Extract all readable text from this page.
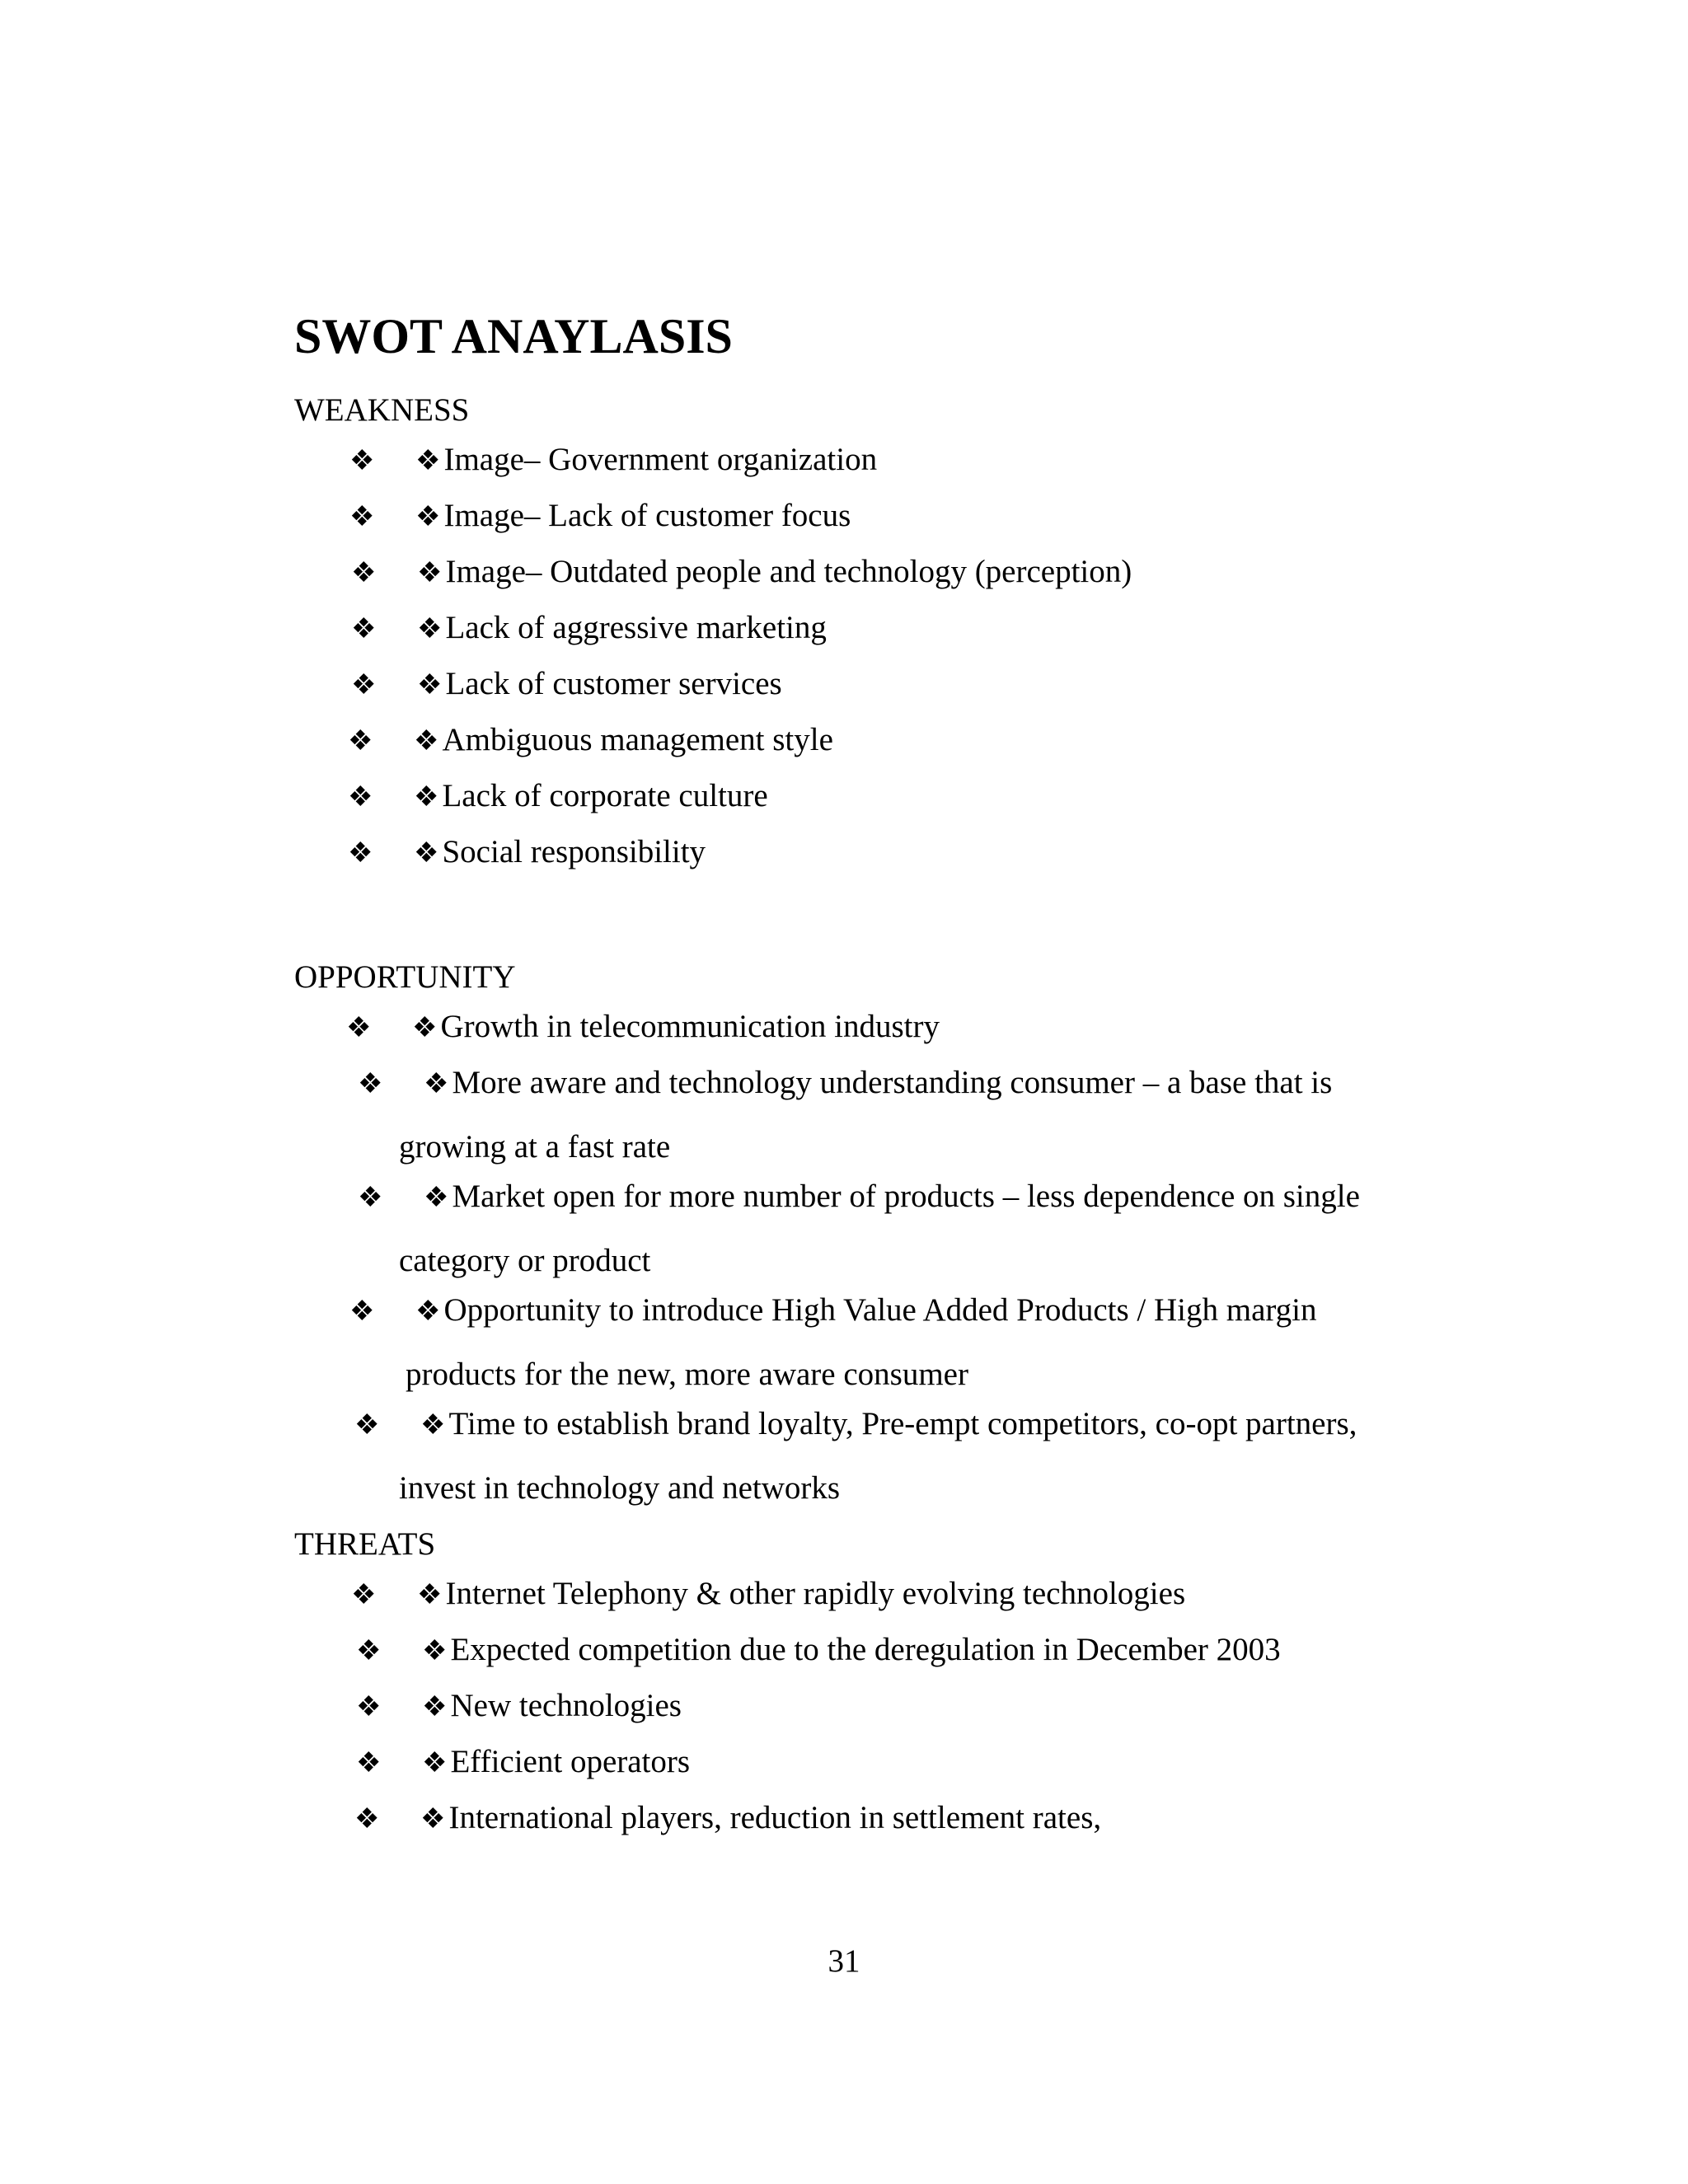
SWOT ANAYLASIS
WEAKNESS
❖ ❖ Image– Government organization
❖ ❖ Image– Lack of customer focus
❖ ❖ Image– Outdated people and technology (perception)
❖ ❖ Lack of aggressive marketing
❖ ❖ Lack of customer services
❖ ❖ Ambiguous management style
❖ ❖ Lack of corporate culture
❖ ❖ Social responsibility
OPPORTUNITY
❖ ❖ Growth in telecommunication industry
❖ ❖ More aware and technology understanding consumer – a base that is
growing at a fast rate
❖ ❖ Market open for more number of products – less dependence on single
category or product
❖ ❖ Opportunity to introduce High Value Added Products / High margin
products for the new, more aware consumer
❖ ❖ Time to establish brand loyalty, Pre-empt competitors, co-opt partners,
invest in technology and networks
THREATS
❖ ❖ Internet Telephony & other rapidly evolving technologies
❖ ❖ Expected competition due to the deregulation in December 2003
❖ ❖ New technologies
❖ ❖ Efficient operators
❖ ❖ International players, reduction in settlement rates,
31
